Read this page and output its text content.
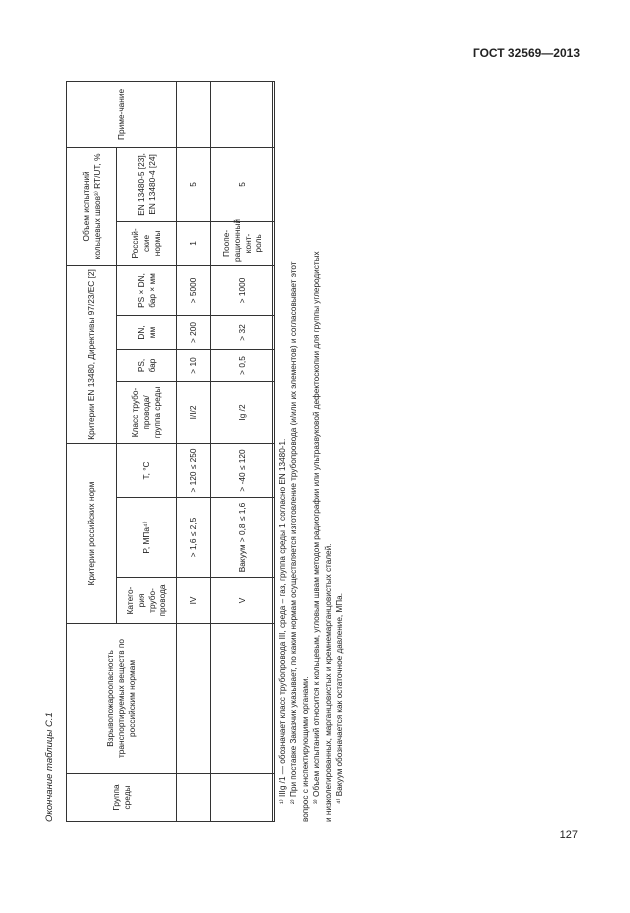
ГОСТ 32569—2013
127
Окончание таблицы С.1	Группа среды	Взрывопожароопасность транспортируемых веществ по российским нормам	Критерии российских норм			Критерии EN 13480, Директивы 97/23/EC [2]				Объем испытаний кольцевых швов³⁾ RT/UT, %		Приме-чание
		Катего-рия трубо-провода	P, МПа⁴⁾	T, °C	Класс трубо-провода/ группа среды	PS, бар	DN, мм	PS × DN, бар × мм	Россий-ские нормы	EN 13480-5 [23], EN 13480-4 [24]	
		IV	> 1,6 ≤ 2,5	> 120 ≤ 250	I/I/2	> 10	> 200	> 5000	1	5	
		V	Вакуум > 0,8 ≤ 1,6	> -40 ≤ 120	Ig /2	> 0,5	> 32	> 1000	Поопе-рационный конт-роль	5	
¹⁾ IIIg /1 — обозначает класс трубопровода III, среда – газ, группа среды 1 согласно EN 13480-1. ²⁾ При поставке Заказчик указывает, по каким нормам осуществляется изготовление трубопровода (и/или их элементов) и согласовывает этот вопрос с инспектирующими органами. ³⁾ Объем испытаний относится к кольцевым, угловым швам методом радиографии или ультразвуковой дефектоскопии для группы углеродистых и низколегированных, марганцовистых и кремнемарганцовистых сталей. ⁴⁾ Вакуум обозначается как остаточное давление, МПа.
